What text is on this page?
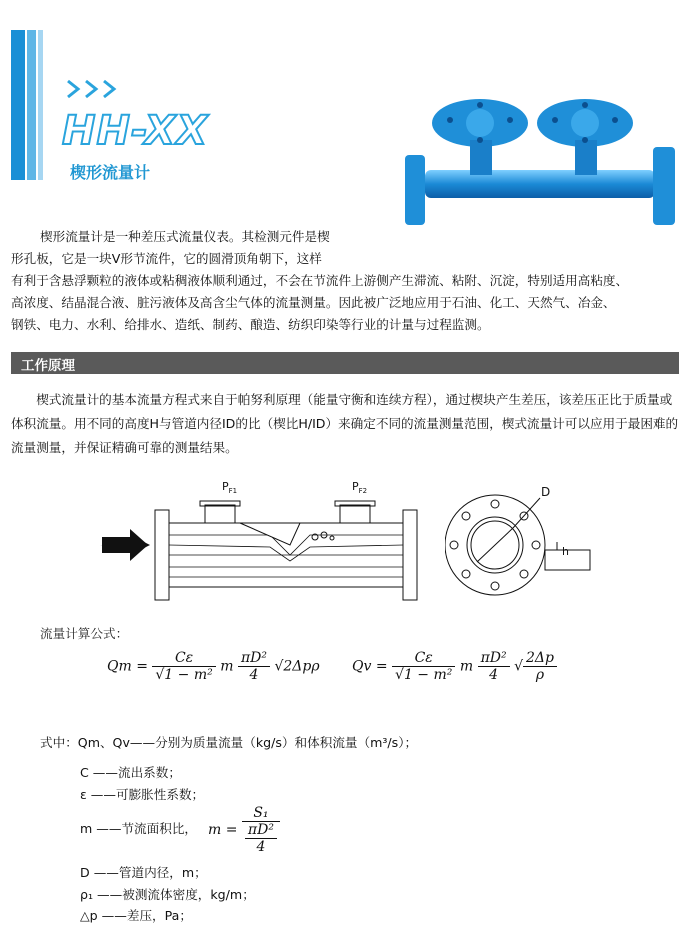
HH-XX
楔形流量计
楔形流量计是一种差压式流量仪表。其检测元件是楔
形孔板，它是一块V形节流件，它的圆滑顶角朝下，这样
有利于含悬浮颗粒的液体或粘稠液体顺利通过，不会在节流件上游侧产生滞流、粘附、沉淀，特别适用高粘度、
高浓度、结晶混合液、脏污液体及高含尘气体的流量测量。因此被广泛地应用于石油、化工、天然气、冶金、
钢铁、电力、水利、给排水、造纸、制药、酿造、纺织印染等行业的计量与过程监测。
工作原理
楔式流量计的基本流量方程式来自于帕努利原理（能量守衡和连续方程），通过楔块产生差压，该差压正比于质量或体积流量。用不同的高度H与管道内径ID的比（楔比H/ID）来确定不同的流量测量范围，楔式流量计可以应用于最困难的流量测量，并保证精确可靠的测量结果。
$P_{F1}$	$P_{F2}$	D
h
流量计算公式：
$Qm = \frac{C\varepsilon}{\text{√1 − m²}}$ m $\frac{\text{πD²}}{4} √2\Delta p\rho$ $Qv = \frac{C\varepsilon}{\text{√1 − m²}}$ m $\frac{\text{πD²}}{4}$ √ $\frac{2\Delta p}{\rho}$
式中：Qm、Qv——分别为质量流量（kg/s）和体积流量（m³/s）；
C ——流出系数；
ε ——可膨胀性系数；
m ——节流面积比， $m = \frac{\text{S₁}}{\frac{\text{πD²}}{4}}$
D ——管道内径，m；
ρ₁ ——被测流体密度，kg/m；
△p ——差压，Pa；
